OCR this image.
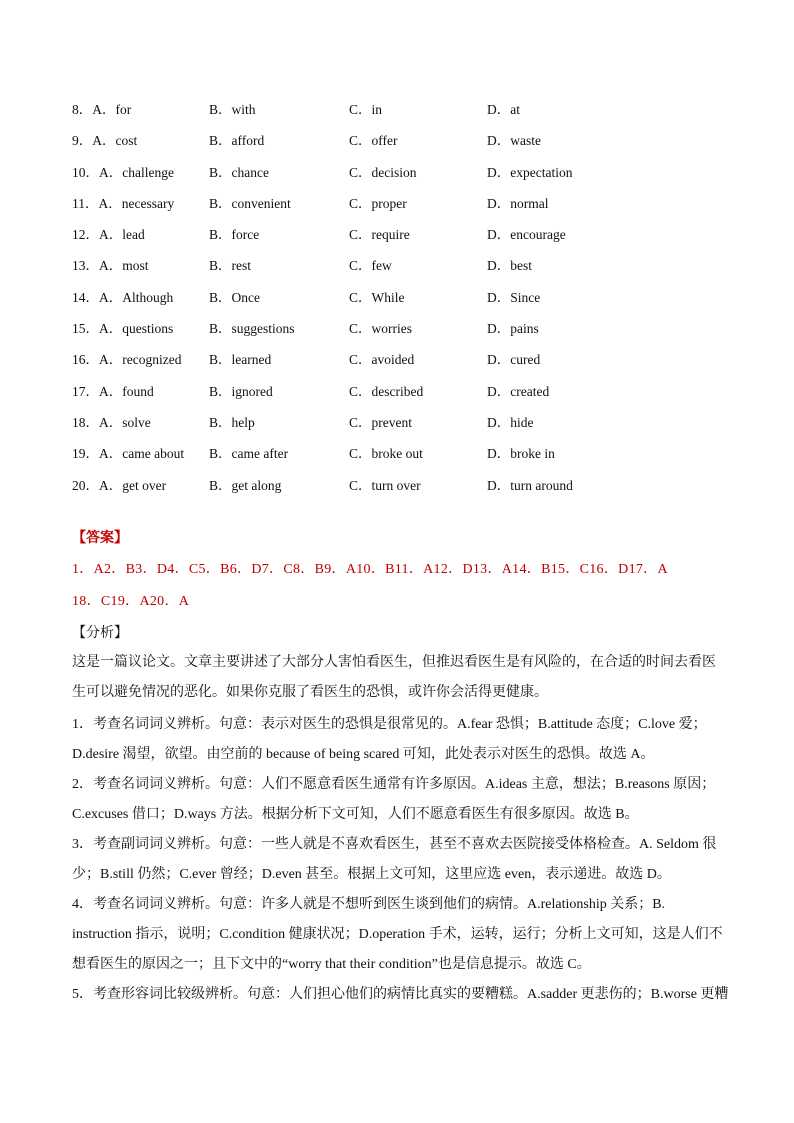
8．A．for	B．with	C．in	D．at
9．A．cost	B．afford	C．offer	D．waste
10．A．challenge	B．chance	C．decision	D．expectation
11．A．necessary	B．convenient	C．proper	D．normal
12．A．lead	B．force	C．require	D．encourage
13．A．most	B．rest	C．few	D．best
14．A．Although	B．Once	C．While	D．Since
15．A．questions	B．suggestions	C．worries	D．pains
16．A．recognized B．learned	C．avoided	D．cured
17．A．found	B．ignored	C．described	D．created
18．A．solve	B．help	C．prevent	D．hide
19．A．came about B．came after	C．broke out	D．broke in
20．A．get over	B．get along	C．turn over	D．turn around
【答案】
1．A2．B3．D4．C5．B6．D7．C8．B9．A10．B11．A12．D13．A14．B15．C16．D17．A
18．C19．A20．A
【分析】
这是一篇议论文。文章主要讲述了大部分人害怕看医生，但推迟看医生是有风险的，在合适的时间去看医
生可以避免情况的恶化。如果你克服了看医生的恐惧，或许你会活得更健康。
1．考查名词词义辨析。句意：表示对医生的恐惧是很常见的。A.fear 恐惧；B.attitude 态度；C.love 爱；
D.desire 渴望，欲望。由空前的 because of being scared 可知，此处表示对医生的恐惧。故选 A。
2．考查名词词义辨析。句意：人们不愿意看医生通常有许多原因。A.ideas 主意，想法；B.reasons 原因；
C.excuses 借口；D.ways 方法。根据分析下文可知，人们不愿意看医生有很多原因。故选 B。
3．考查副词词义辨析。句意：一些人就是不喜欢看医生，甚至不喜欢去医院接受体格检查。A. Seldom 很
少；B.still 仍然；C.ever 曾经；D.even 甚至。根据上文可知，这里应选 even，表示递进。故选 D。
4．考查名词词义辨析。句意：许多人就是不想听到医生谈到他们的病情。A.relationship 关系；B.
instruction 指示，说明；C.condition 健康状况；D.operation 手术，运转，运行；分析上文可知，这是人们不
想看医生的原因之一；且下文中的“worry that their condition”也是信息提示。故选 C。
5．考查形容词比较级辨析。句意：人们担心他们的病情比真实的要糟糕。A.sadder 更悲伤的；B.worse 更糟
